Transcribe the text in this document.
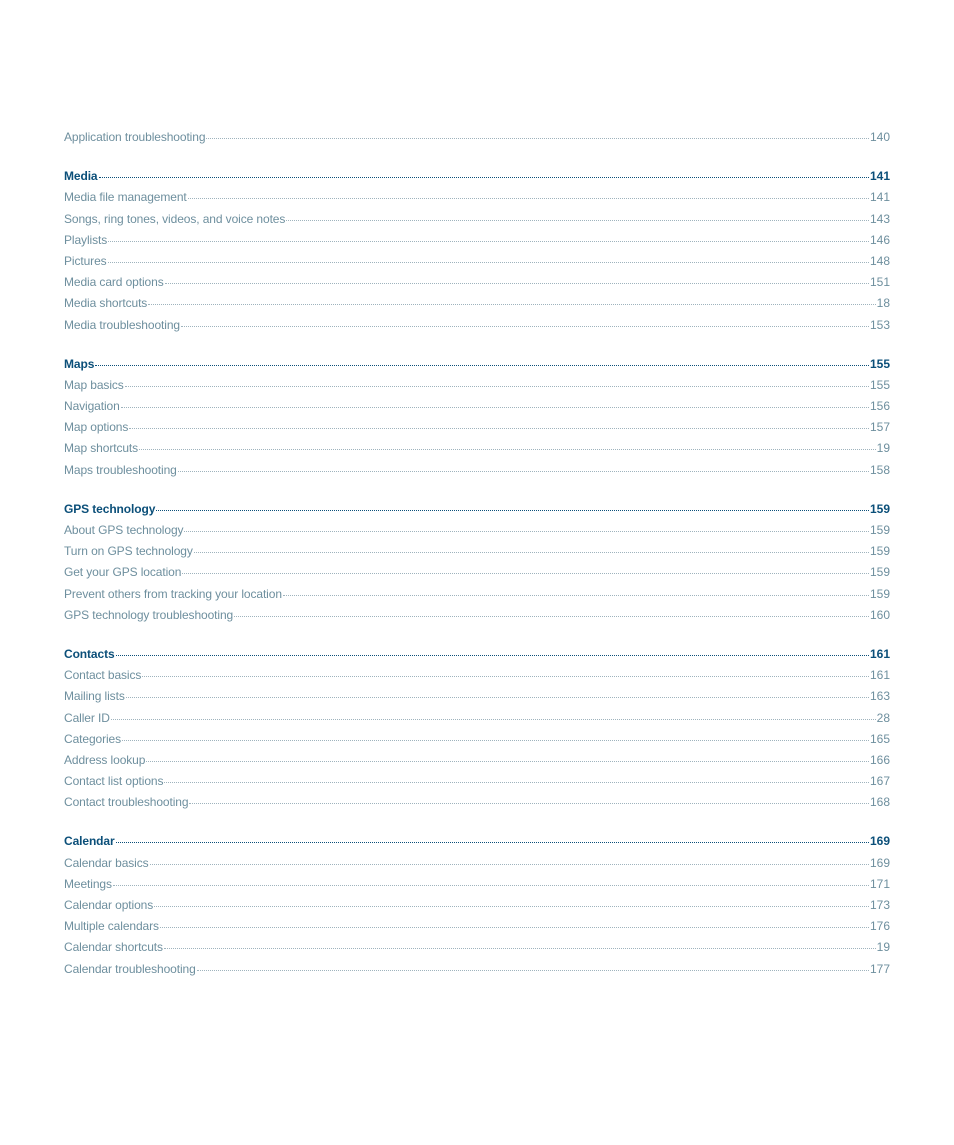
Application troubleshooting	140
Media	141
Media file management	141
Songs, ring tones, videos, and voice notes	143
Playlists	146
Pictures	148
Media card options	151
Media shortcuts	18
Media troubleshooting	153
Maps	155
Map basics	155
Navigation	156
Map options	157
Map shortcuts	19
Maps troubleshooting	158
GPS technology	159
About GPS technology	159
Turn on GPS technology	159
Get your GPS location	159
Prevent others from tracking your location	159
GPS technology troubleshooting	160
Contacts	161
Contact basics	161
Mailing lists	163
Caller ID	28
Categories	165
Address lookup	166
Contact list options	167
Contact troubleshooting	168
Calendar	169
Calendar basics	169
Meetings	171
Calendar options	173
Multiple calendars	176
Calendar shortcuts	19
Calendar troubleshooting	177
